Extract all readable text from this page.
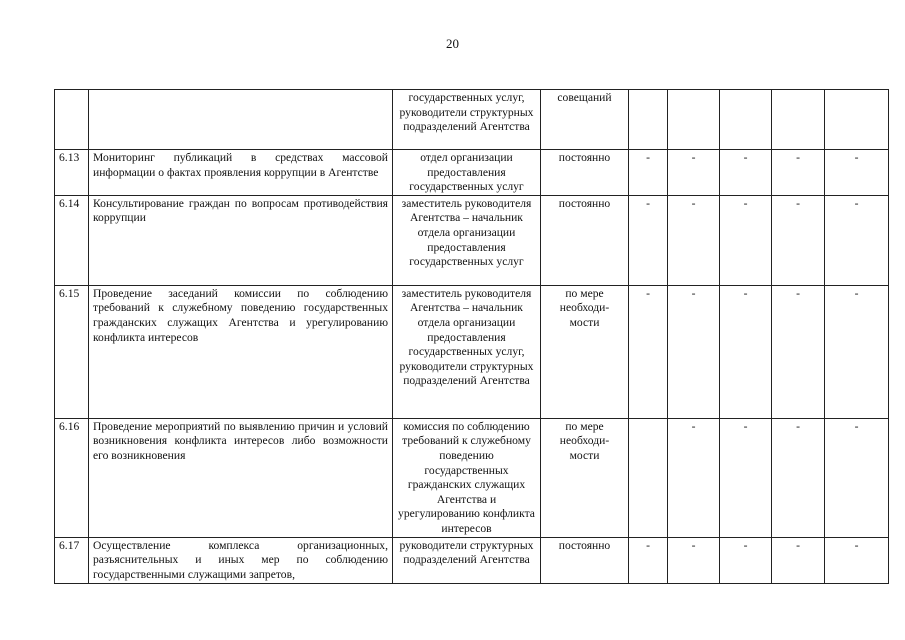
20
		государственных услуг, руководители структурных подразделений Агентства	совещаний					
6.13	Мониторинг публикаций в средствах массовой информации о фактах проявления коррупции в Агентстве	отдел организации предоставления государственных услуг	постоянно	-	-	-	-	-
6.14	Консультирование граждан по вопросам противодействия коррупции	заместитель руководителя Агентства – начальник отдела организации предоставления государственных услуг	постоянно	-	-	-	-	-
6.15	Проведение заседаний комиссии по соблюдению требований к служебному поведению государственных гражданских служащих Агентства и урегулированию конфликта интересов	заместитель руководителя Агентства – начальник отдела организации предоставления государственных услуг, руководители структурных подразделений Агентства	по мере необходи-мости	-	-	-	-	-
6.16	Проведение мероприятий по выявлению причин и условий возникновения конфликта интересов либо возможности его возникновения	комиссия по соблюдению требований к служебному поведению государственных гражданских служащих Агентства и урегулированию конфликта интересов	по мере необходи-мости		-	-	-	-
6.17	Осуществление комплекса организационных, разъяснительных и иных мер по соблюдению государственными служащими запретов,	руководители структурных подразделений Агентства	постоянно	-	-	-	-	-
